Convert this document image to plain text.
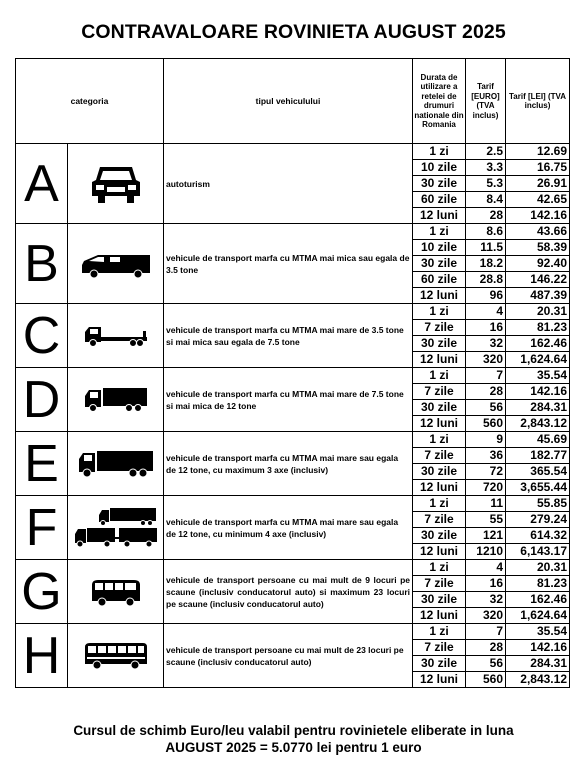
CONTRAVALOARE ROVINIETA AUGUST 2025
categoria		tipul vehiculului	Durata de utilizare a retelei de drumuri nationale din Romania	Tarif [EURO] (TVA inclus)	Tarif [LEI] (TVA inclus)
A		autoturism	1 zi	2.5	12.69
			10 zile	3.3	16.75
			30 zile	5.3	26.91
			60 zile	8.4	42.65
			12 luni	28	142.16
B		vehicule de transport marfa cu MTMA mai mica sau egala de 3.5 tone	1 zi	8.6	43.66
			10 zile	11.5	58.39
			30 zile	18.2	92.40
			60 zile	28.8	146.22
			12 luni	96	487.39
C		vehicule de transport marfa cu MTMA mai mare de 3.5 tone si mai mica sau egala de 7.5 tone	1 zi	4	20.31
			7 zile	16	81.23
			30 zile	32	162.46
			12 luni	320	1,624.64
D		vehicule de transport marfa cu MTMA mai mare de 7.5 tone si mai mica de 12 tone	1 zi	7	35.54
			7 zile	28	142.16
			30 zile	56	284.31
			12 luni	560	2,843.12
E		vehicule de transport marfa cu MTMA mai mare sau egala de 12 tone, cu maximum 3 axe (inclusiv)	1 zi	9	45.69
			7 zile	36	182.77
			30 zile	72	365.54
			12 luni	720	3,655.44
F		vehicule de transport marfa cu MTMA mai mare sau egala de 12 tone, cu minimum 4 axe (inclusiv)	1 zi	11	55.85
			7 zile	55	279.24
			30 zile	121	614.32
			12 luni	1210	6,143.17
G		vehicule de transport persoane cu mai mult de 9 locuri pe scaune (inclusiv conducatorul auto) si maximum 23 locuri pe scaune (inclusiv conducatorul auto)	1 zi	4	20.31
			7 zile	16	81.23
			30 zile	32	162.46
			12 luni	320	1,624.64
H		vehicule de transport persoane cu mai mult de 23 locuri pe scaune (inclusiv conducatorul auto)	1 zi	7	35.54
			7 zile	28	142.16
			30 zile	56	284.31
			12 luni	560	2,843.12
Cursul de schimb Euro/leu valabil pentru rovinietele eliberate in luna
AUGUST 2025 = 5.0770 lei pentru 1 euro
